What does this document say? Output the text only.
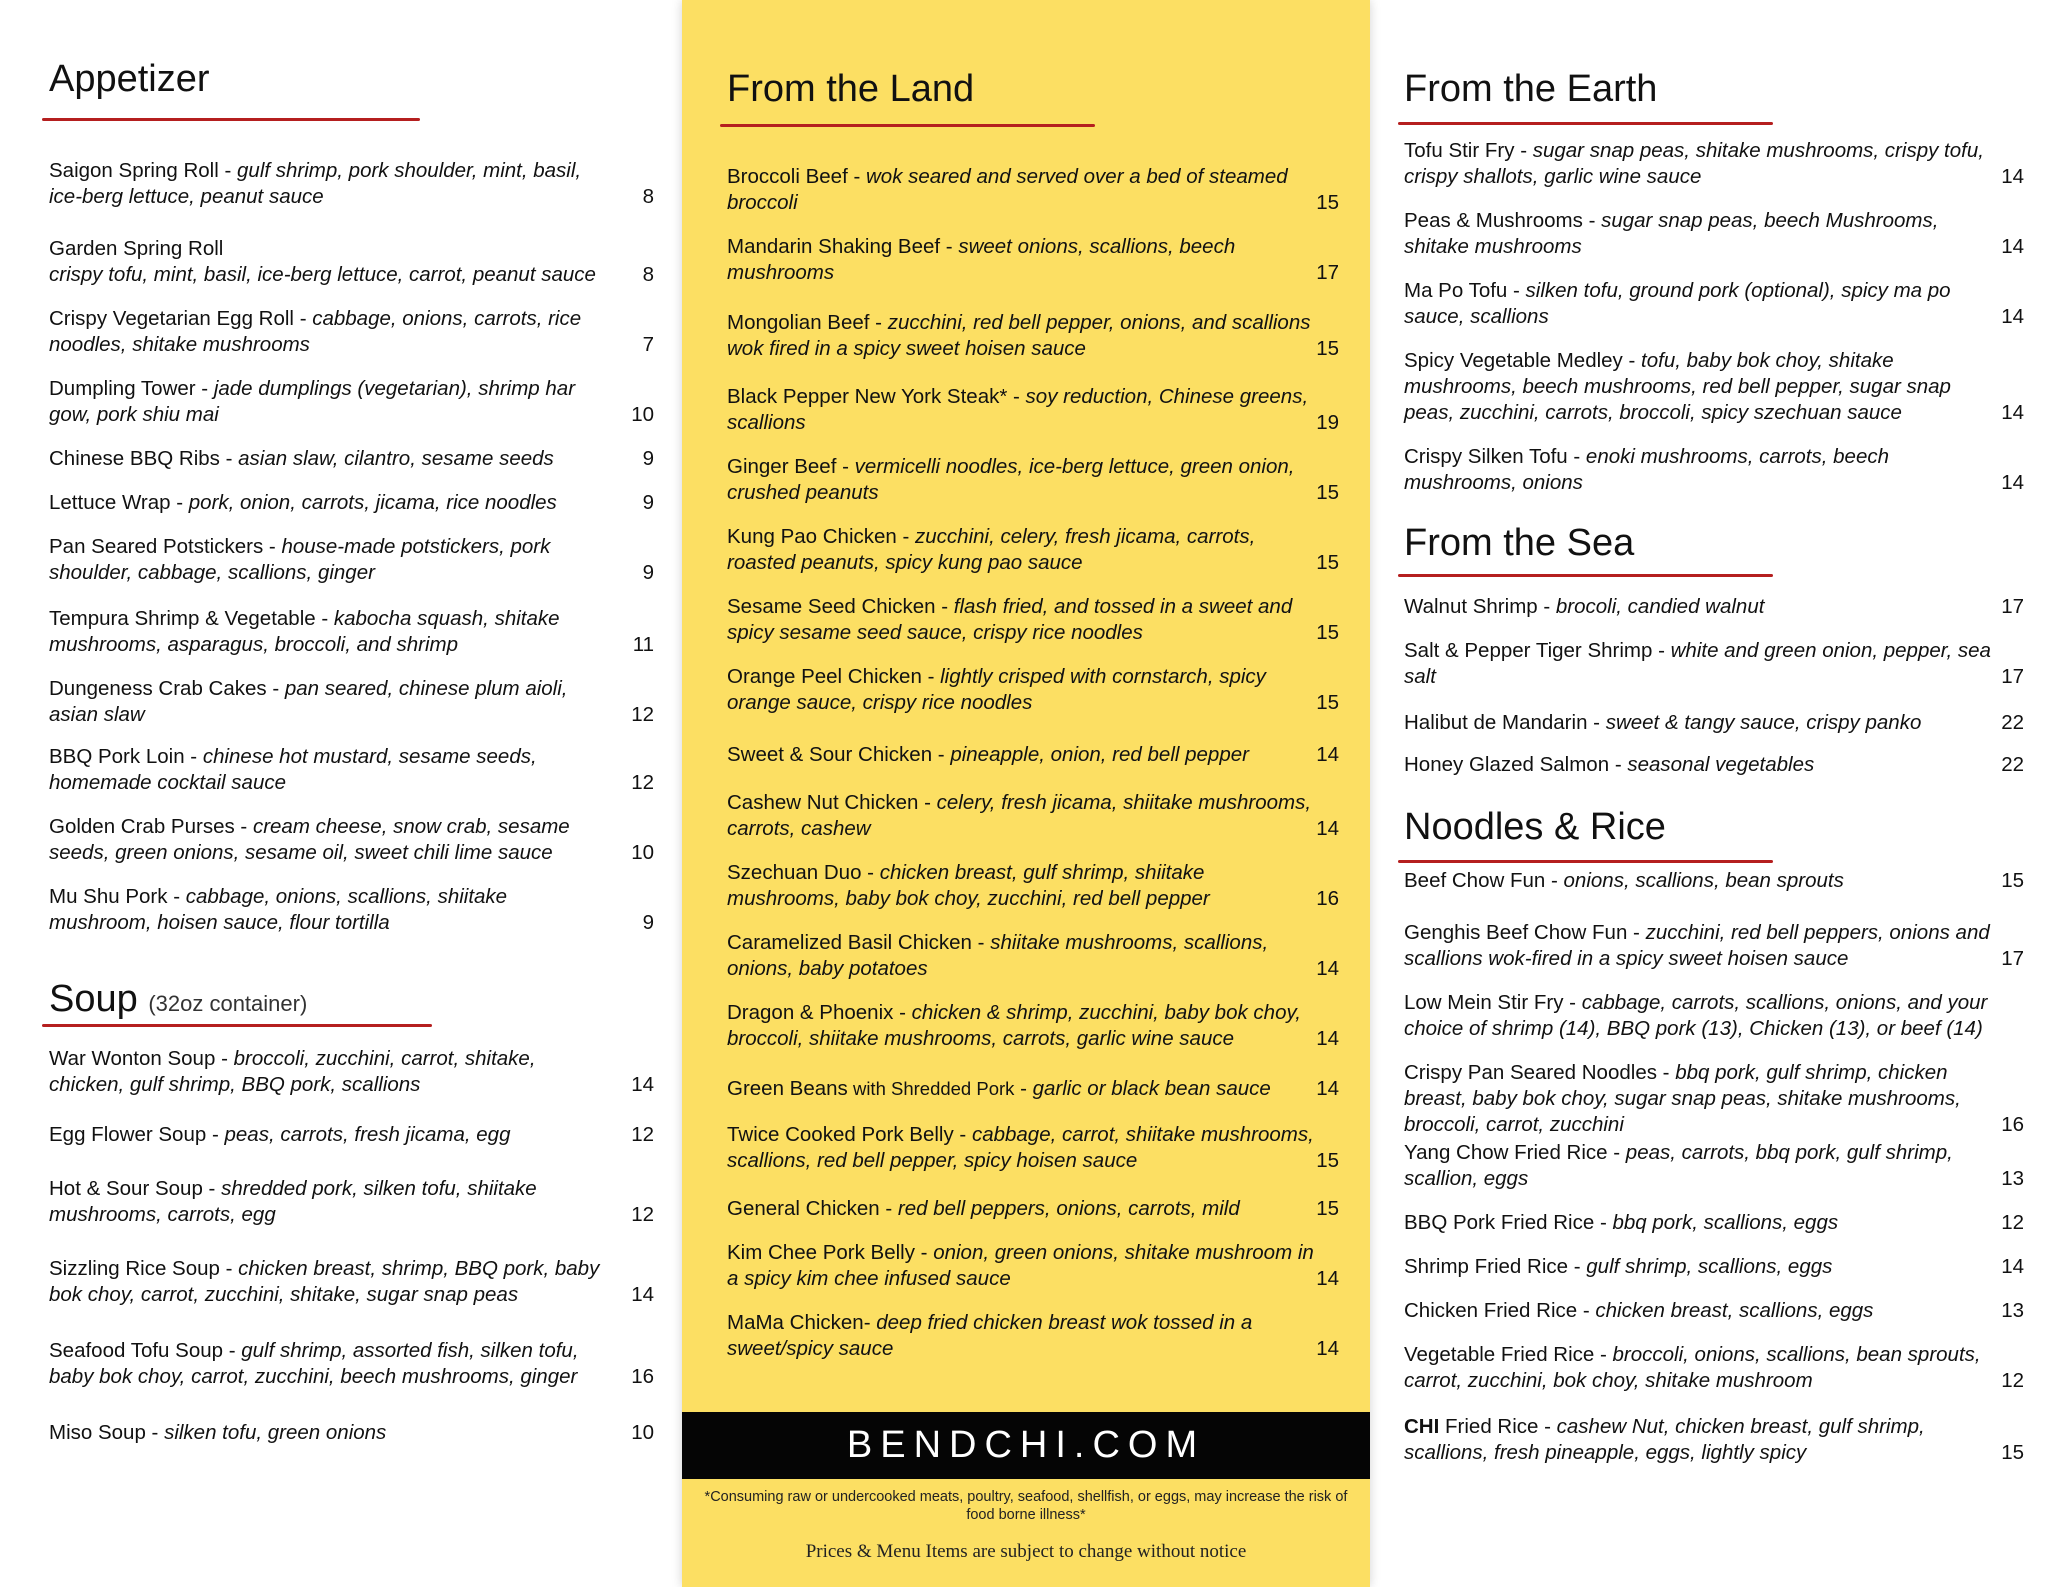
Appetizer
Saigon Spring Roll - gulf shrimp, pork shoulder, mint, basil, ice-berg lettuce, peanut sauce	8
Garden Spring Roll
crispy tofu, mint, basil, ice-berg lettuce, carrot, peanut sauce	8
Crispy Vegetarian Egg Roll - cabbage, onions, carrots, rice noodles, shitake mushrooms	7
Dumpling Tower - jade dumplings (vegetarian), shrimp har gow, pork shiu mai	10
Chinese BBQ Ribs - asian slaw, cilantro, sesame seeds	9
Lettuce Wrap - pork, onion, carrots, jicama, rice noodles	9
Pan Seared Potstickers - house-made potstickers, pork shoulder, cabbage, scallions, ginger	9
Tempura Shrimp & Vegetable - kabocha squash, shitake mushrooms, asparagus, broccoli, and shrimp	11
Dungeness Crab Cakes - pan seared, chinese plum aioli, asian slaw	12
BBQ Pork Loin - chinese hot mustard, sesame seeds, homemade cocktail sauce	12
Golden Crab Purses - cream cheese, snow crab, sesame seeds, green onions, sesame oil, sweet chili lime sauce	10
Mu Shu Pork - cabbage, onions, scallions, shiitake mushroom, hoisen sauce, flour tortilla	9
Soup (32oz container)
War Wonton Soup - broccoli, zucchini, carrot, shitake, chicken, gulf shrimp, BBQ pork, scallions	14
Egg Flower Soup - peas, carrots, fresh jicama, egg	12
Hot & Sour Soup - shredded pork, silken tofu, shiitake mushrooms, carrots, egg	12
Sizzling Rice Soup - chicken breast, shrimp, BBQ pork, baby bok choy, carrot, zucchini, shitake, sugar snap peas	14
Seafood Tofu Soup - gulf shrimp, assorted fish, silken tofu, baby bok choy, carrot, zucchini, beech mushrooms, ginger	16
Miso Soup - silken tofu, green onions	10
From the Land
Broccoli Beef - wok seared and served over a bed of steamed broccoli	15
Mandarin Shaking Beef - sweet onions, scallions, beech mushrooms	17
Mongolian Beef - zucchini, red bell pepper, onions, and scallions wok fired in a spicy sweet hoisen sauce	15
Black Pepper New York Steak* - soy reduction, Chinese greens, scallions	19
Ginger Beef - vermicelli noodles, ice-berg lettuce, green onion, crushed peanuts	15
Kung Pao Chicken - zucchini, celery, fresh jicama, carrots, roasted peanuts, spicy kung pao sauce	15
Sesame Seed Chicken - flash fried, and tossed in a sweet and spicy sesame seed sauce, crispy rice noodles	15
Orange Peel Chicken - lightly crisped with cornstarch, spicy orange sauce, crispy rice noodles	15
Sweet & Sour Chicken - pineapple, onion, red bell pepper	14
Cashew Nut Chicken - celery, fresh jicama, shiitake mushrooms, carrots, cashew	14
Szechuan Duo - chicken breast, gulf shrimp, shiitake mushrooms, baby bok choy, zucchini, red bell pepper	16
Caramelized Basil Chicken - shiitake mushrooms, scallions, onions, baby potatoes	14
Dragon & Phoenix - chicken & shrimp, zucchini, baby bok choy, broccoli, shiitake mushrooms, carrots, garlic wine sauce	14
Green Beans with Shredded Pork - garlic or black bean sauce	14
Twice Cooked Pork Belly - cabbage, carrot, shiitake mushrooms, scallions, red bell pepper, spicy hoisen sauce	15
General Chicken - red bell peppers, onions, carrots, mild	15
Kim Chee Pork Belly - onion, green onions, shitake mushroom in a spicy kim chee infused sauce	14
MaMa Chicken- deep fried chicken breast wok tossed in a sweet/spicy sauce	14
BENDCHI.COM
*Consuming raw or undercooked meats, poultry, seafood, shellfish, or eggs, may increase the risk of food borne illness*
Prices & Menu Items are subject to change without notice
From the Earth
Tofu Stir Fry - sugar snap peas, shitake mushrooms, crispy tofu, crispy shallots, garlic wine sauce	14
Peas & Mushrooms - sugar snap peas, beech Mushrooms, shitake mushrooms	14
Ma Po Tofu - silken tofu, ground pork (optional), spicy ma po sauce, scallions	14
Spicy Vegetable Medley - tofu, baby bok choy, shitake mushrooms, beech mushrooms, red bell pepper, sugar snap peas, zucchini, carrots, broccoli, spicy szechuan sauce	14
Crispy Silken Tofu - enoki mushrooms, carrots, beech mushrooms, onions	14
From the Sea
Walnut Shrimp - brocoli, candied walnut	17
Salt & Pepper Tiger Shrimp - white and green onion, pepper, sea salt	17
Halibut de Mandarin - sweet & tangy sauce, crispy panko	22
Honey Glazed Salmon - seasonal vegetables	22
Noodles & Rice
Beef Chow Fun - onions, scallions, bean sprouts	15
Genghis Beef Chow Fun - zucchini, red bell peppers, onions and scallions wok-fired in a spicy sweet hoisen sauce	17
Low Mein Stir Fry - cabbage, carrots, scallions, onions, and your choice of shrimp (14), BBQ pork (13), Chicken (13), or beef (14)
Crispy Pan Seared Noodles - bbq pork, gulf shrimp, chicken breast, baby bok choy, sugar snap peas, shitake mushrooms, broccoli, carrot, zucchini	16
Yang Chow Fried Rice - peas, carrots, bbq pork, gulf shrimp, scallion, eggs	13
BBQ Pork Fried Rice - bbq pork, scallions, eggs	12
Shrimp Fried Rice - gulf shrimp, scallions, eggs	14
Chicken Fried Rice - chicken breast, scallions, eggs	13
Vegetable Fried Rice - broccoli, onions, scallions, bean sprouts, carrot, zucchini, bok choy, shitake mushroom	12
CHI Fried Rice - cashew Nut, chicken breast, gulf shrimp, scallions, fresh pineapple, eggs, lightly spicy	15
